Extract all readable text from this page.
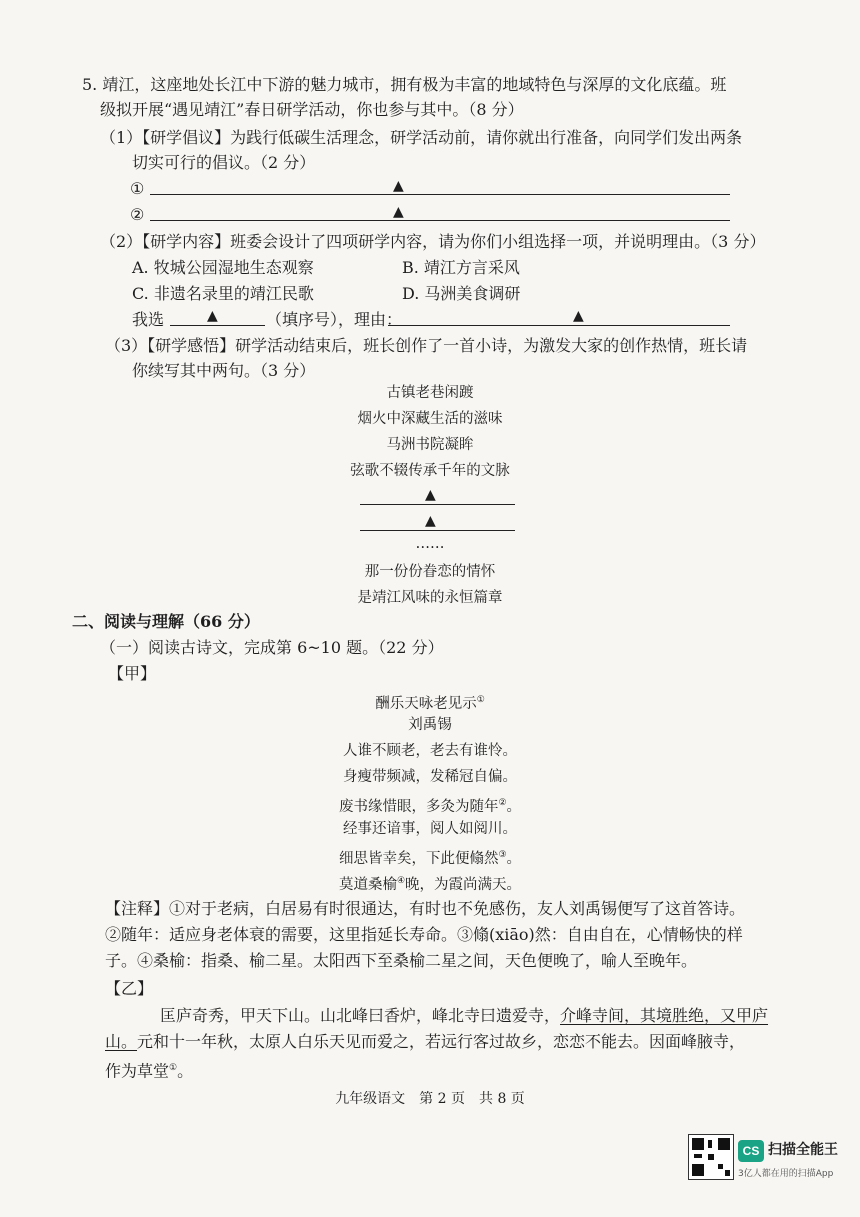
5. 靖江，这座地处长江中下游的魅力城市，拥有极为丰富的地域特色与深厚的文化底蕴。班
级拟开展“遇见靖江”春日研学活动，你也参与其中。（8 分）
（1）【研学倡议】为践行低碳生活理念，研学活动前，请你就出行准备，向同学们发出两条
切实可行的倡议。（2 分）
①	▲
②	▲
（2）【研学内容】班委会设计了四项研学内容，请为你们小组选择一项，并说明理由。（3 分）
A. 牧城公园湿地生态观察	B. 靖江方言采风
C. 非遗名录里的靖江民歌	D. 马洲美食调研
我选	▲	（填序号），理由：	▲
（3）【研学感悟】研学活动结束后，班长创作了一首小诗，为激发大家的创作热情，班长请
你续写其中两句。（3 分）
古镇老巷闲踱
烟火中深藏生活的滋味
马洲书院凝眸
弦歌不辍传承千年的文脉
▲
▲
……
那一份份眷恋的情怀
是靖江风味的永恒篇章
二、阅读与理解（66 分）
（一）阅读古诗文，完成第 6~10 题。（22 分）
【甲】
酬乐天咏老见示①
刘禹锡
人谁不顾老，老去有谁怜。
身瘦带频减，发稀冠自偏。
废书缘惜眼，多灸为随年②。
经事还谙事，阅人如阅川。
细思皆幸矣，下此便翛然③。
莫道桑榆④晚，为霞尚满天。
【注释】①对于老病，白居易有时很通达，有时也不免感伤，友人刘禹锡便写了这首答诗。
②随年：适应身老体衰的需要，这里指延长寿命。③翛(xiāo)然：自由自在，心情畅快的样
子。④桑榆：指桑、榆二星。太阳西下至桑榆二星之间，天色便晚了，喻人至晚年。
【乙】
匡庐奇秀，甲天下山。山北峰曰香炉，峰北寺曰遗爱寺，介峰寺间，其境胜绝，又甲庐
山。元和十一年秋，太原人白乐天见而爱之，若远行客过故乡，恋恋不能去。因面峰腋寺，
作为草堂①。
九年级语文　第 2 页　共 8 页
CS 扫描全能王
3亿人都在用的扫描App
